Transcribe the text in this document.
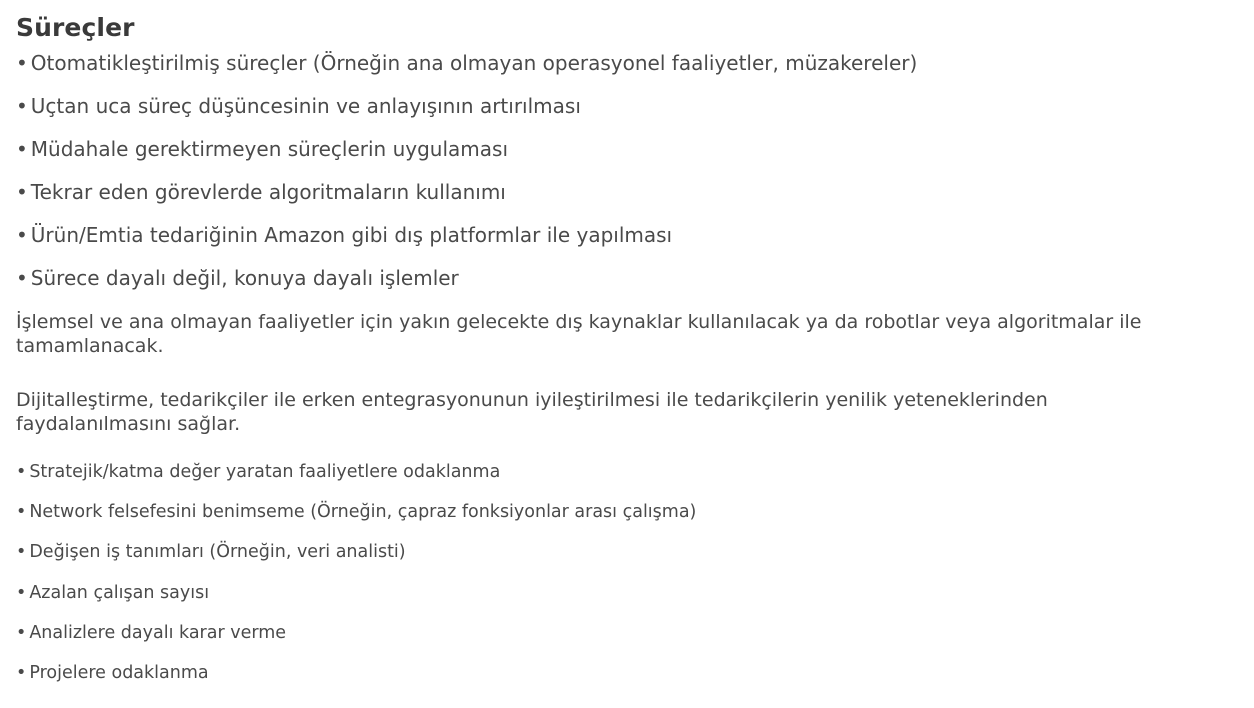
Süreçler
• Otomatikleştirilmiş süreçler (Örneğin ana olmayan operasyonel faaliyetler, müzakereler)
• Uçtan uca süreç düşüncesinin ve anlayışının artırılması
• Müdahale gerektirmeyen süreçlerin uygulaması
• Tekrar eden görevlerde algoritmaların kullanımı
• Ürün/Emtia tedariğinin Amazon gibi dış platformlar ile yapılması
• Sürece dayalı değil, konuya dayalı işlemler

İşlemsel ve ana olmayan faaliyetler için yakın gelecekte dış kaynaklar kullanılacak ya da robotlar veya algoritmalar ile tamamlanacak.

Dijitalleştirme, tedarikçiler ile erken entegrasyonunun iyileştirilmesi ile tedarikçilerin yenilik yeteneklerinden faydalanılmasını sağlar.

• Stratejik/katma değer yaratan faaliyetlere odaklanma
• Network felsefesini benimseme (Örneğin, çapraz fonksiyonlar arası çalışma)
• Değişen iş tanımları (Örneğin, veri analisti)
• Azalan çalışan sayısı
• Analizlere dayalı karar verme
• Projelere odaklanma
